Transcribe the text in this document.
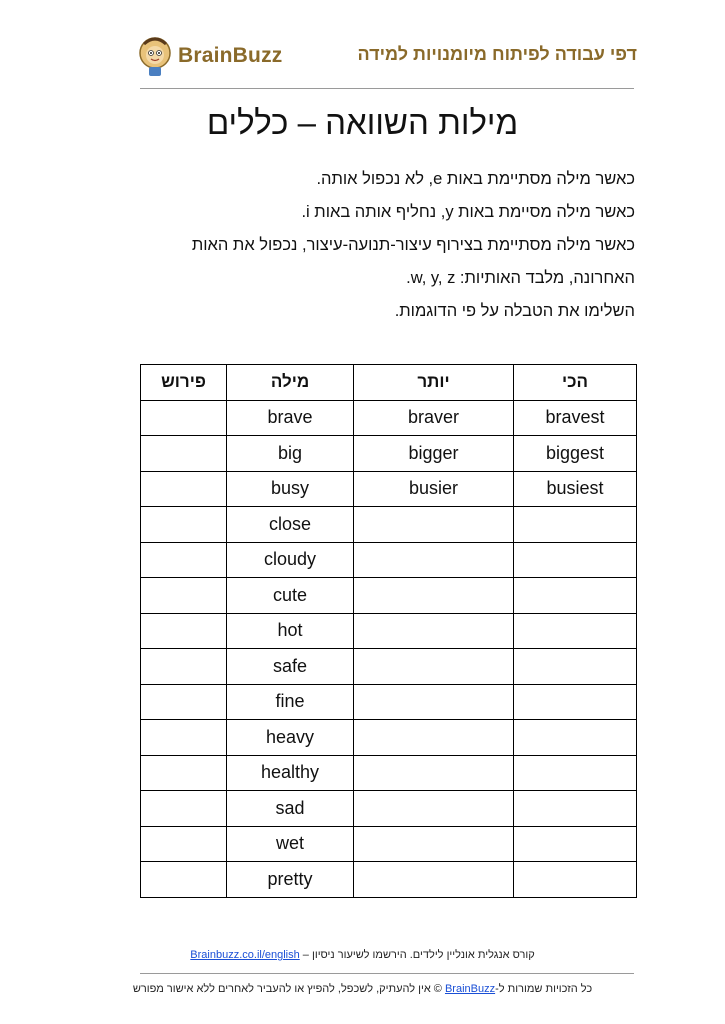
BrainBuzz	דפי עבודה לפיתוח מיומנויות למידה
מילות השוואה – כללים

כאשר מילה מסתיימת באות e, לא נכפול אותה.

כאשר מילה מסיימת באות y, נחליף אותה באות i.

כאשר מילה מסתיימת בצירוף עיצור-תנועה-עיצור, נכפול את האות

האחרונה, מלבד האותיות: w, y, z.

השלימו את הטבלה על פי הדוגמות.

הכי	יותר	מילה	פירוש
bravest	braver	brave	
biggest	bigger	big	
busiest	busier	busy	
		close	
		cloudy	
		cute	
		hot	
		safe	
		fine	
		heavy	
		healthy	
		sad	
		wet	
		pretty	
קורס אנגלית אונליין לילדים. הירשמו לשיעור ניסיון – Brainbuzz.co.il/english
כל הזכויות שמורות ל-BrainBuzz © אין להעתיק, לשכפל, להפיץ או להעביר לאחרים ללא אישור מפורש
